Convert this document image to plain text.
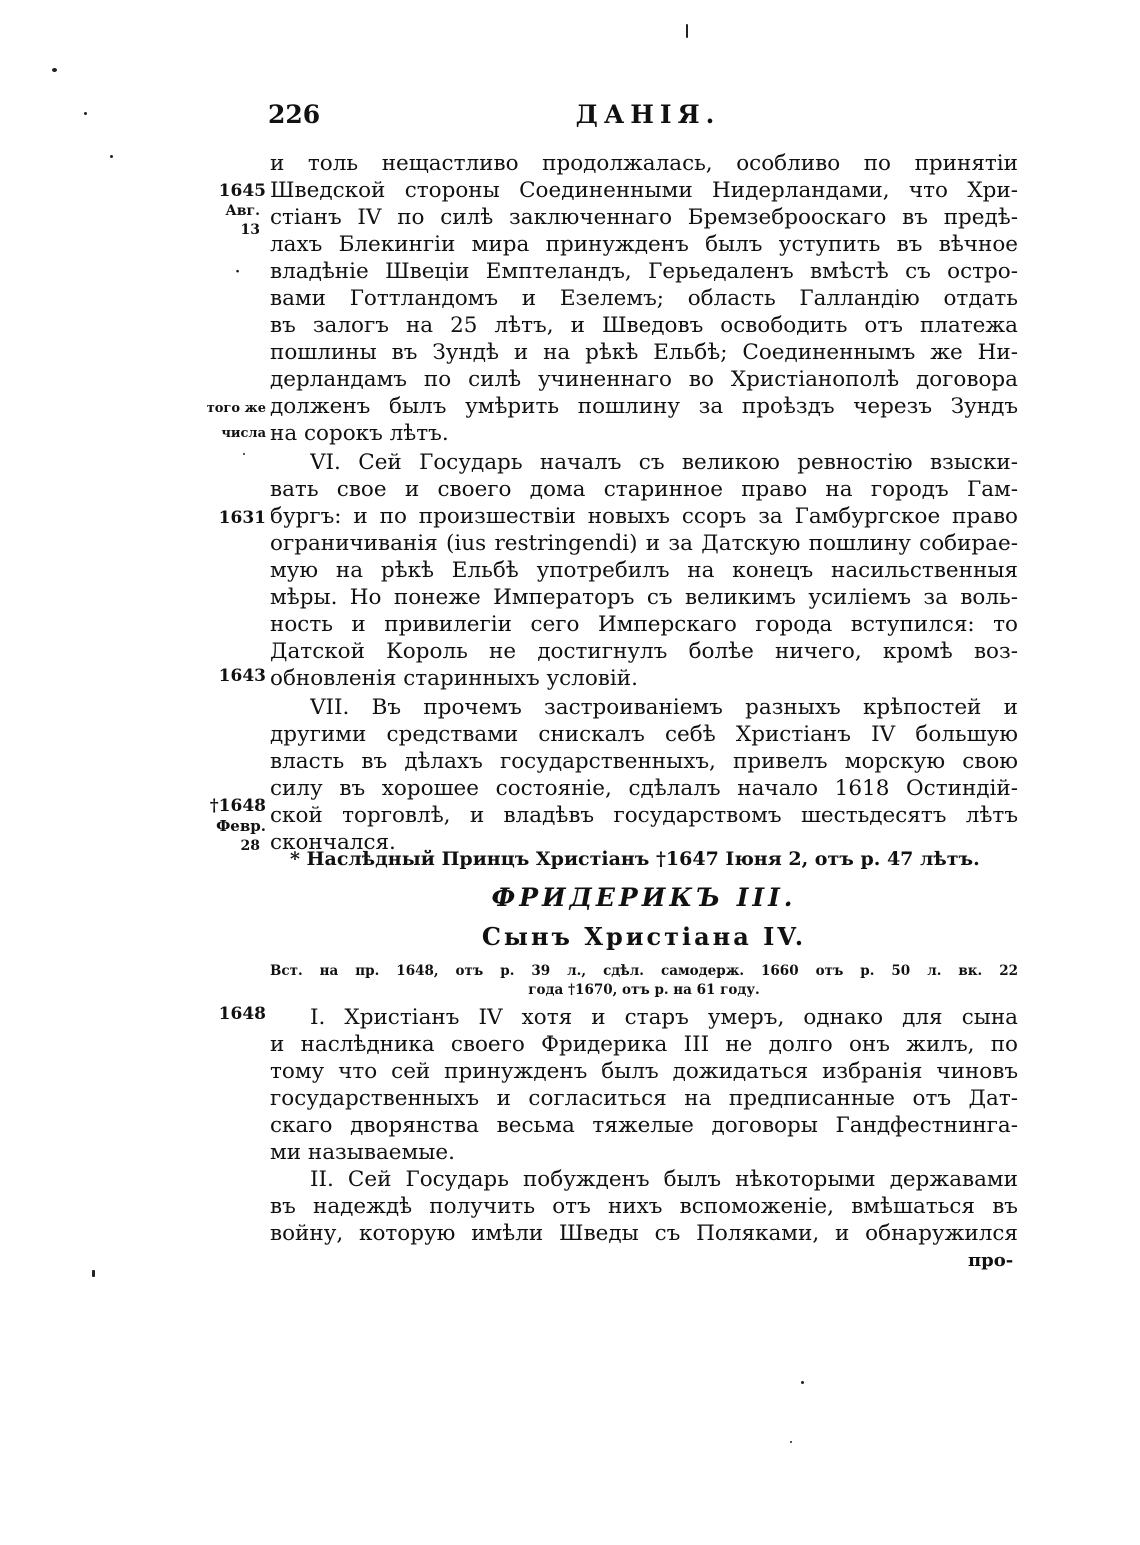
226	ДАНІЯ.
и толь нещастливо продолжалась, особливо по принятіи
Шведской стороны Соединенными Нидерландами, что Хри-
стіанъ IV по силѣ заключеннаго Бремзеброоскаго въ предѣ-
лахъ Блекингіи мира принужденъ былъ уступить въ вѣчное
владѣніе Швеціи Емптеландъ, Герьедаленъ вмѣстѣ съ остро-
вами Готтландомъ и Езелемъ; область Галландію отдать
въ залогъ на 25 лѣтъ, и Шведовъ освободить отъ платежа
пошлины въ Зундѣ и на рѣкѣ Ельбѣ; Соединеннымъ же Ни-
дерландамъ по силѣ учиненнаго во Христіанополѣ договора
долженъ былъ умѣрить пошлину за проѣздъ черезъ Зундъ
на сорокъ лѣтъ.
VI. Сей Государь началъ съ великою ревностію взыски-
вать свое и своего дома старинное право на городъ Гам-
бургъ: и по произшествіи новыхъ ссоръ за Гамбургское право
ограничиванія (ius restringendi) и за Датскую пошлину собирае-
мую на рѣкѣ Ельбѣ употребилъ на конецъ насильственныя
мѣры. Но понеже Императоръ съ великимъ усиліемъ за воль-
ность и привилегіи сего Имперскаго города вступился: то
Датской Король не достигнулъ болѣе ничего, кромѣ воз-
обновленія старинныхъ условій.
VII. Въ прочемъ застроиваніемъ разныхъ крѣпостей и
другими средствами снискалъ себѣ Христіанъ IV большую
власть въ дѣлахъ государственныхъ, привелъ морскую свою
силу въ хорошее состояніе, сдѣлалъ начало 1618 Остиндій-
ской торговлѣ, и владѣвъ государствомъ шестьдесятъ лѣтъ
скончался.
1645
Авг.
13
·
того же
числа
1631
1643
†1648
Февр.
28
1648
* Наслѣдный Принцъ Христіанъ †1647 Іюня 2, отъ р. 47 лѣтъ.
ФРИДЕРИКЪ III.
Сынъ Христіана IV.
Вст. на пр. 1648, отъ р. 39 л., сдѣл. самодерж. 1660 отъ р. 50 л. вк. 22
года †1670, отъ р. на 61 году.
I. Христіанъ IV хотя и старъ умеръ, однако для сына
и наслѣдника своего Фридерика III не долго онъ жилъ, по
тому что сей принужденъ былъ дожидаться избранія чиновъ
государственныхъ и согласиться на предписанные отъ Дат-
скаго дворянства весьма тяжелые договоры Гандфестнинга-
ми называемые.
II. Сей Государь побужденъ былъ нѣкоторыми державами
въ надеждѣ получить отъ нихъ вспоможеніе, вмѣшаться въ
войну, которую имѣли Шведы съ Поляками, и обнаружился
про-
